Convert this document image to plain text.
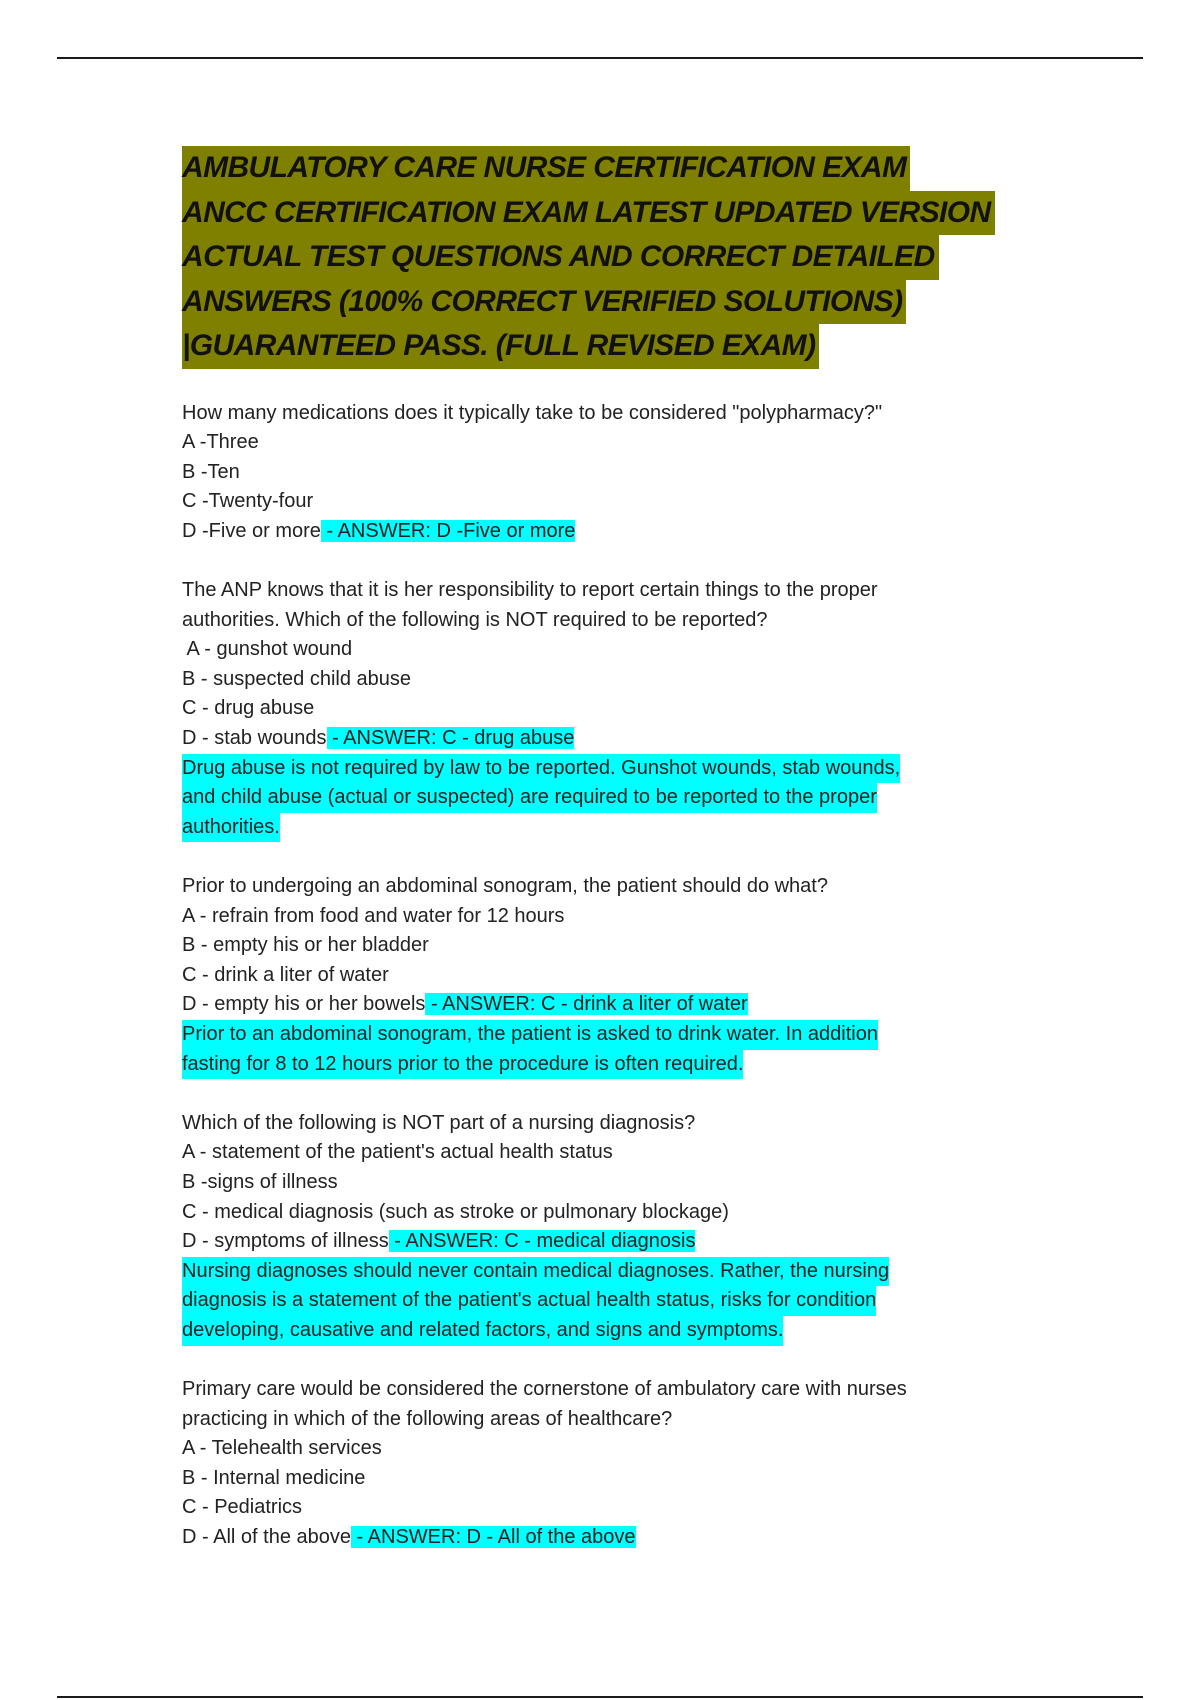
AMBULATORY CARE NURSE CERTIFICATION EXAM
ANCC CERTIFICATION EXAM LATEST UPDATED VERSION
ACTUAL TEST QUESTIONS AND CORRECT DETAILED
ANSWERS (100% CORRECT VERIFIED SOLUTIONS)
|GUARANTEED PASS. (FULL REVISED EXAM)
How many medications does it typically take to be considered "polypharmacy?"
A -Three
B -Ten
C -Twenty-four
D -Five or more - ANSWER: D -Five or more
The ANP knows that it is her responsibility to report certain things to the proper
authorities. Which of the following is NOT required to be reported?
A - gunshot wound
B - suspected child abuse
C - drug abuse
D - stab wounds - ANSWER: C - drug abuse
Drug abuse is not required by law to be reported. Gunshot wounds, stab wounds,
and child abuse (actual or suspected) are required to be reported to the proper
authorities.
Prior to undergoing an abdominal sonogram, the patient should do what?
A - refrain from food and water for 12 hours
B - empty his or her bladder
C - drink a liter of water
D - empty his or her bowels - ANSWER: C - drink a liter of water
Prior to an abdominal sonogram, the patient is asked to drink water. In addition
fasting for 8 to 12 hours prior to the procedure is often required.
Which of the following is NOT part of a nursing diagnosis?
A - statement of the patient's actual health status
B -signs of illness
C - medical diagnosis (such as stroke or pulmonary blockage)
D - symptoms of illness - ANSWER: C - medical diagnosis
Nursing diagnoses should never contain medical diagnoses. Rather, the nursing
diagnosis is a statement of the patient's actual health status, risks for condition
developing, causative and related factors, and signs and symptoms.
Primary care would be considered the cornerstone of ambulatory care with nurses
practicing in which of the following areas of healthcare?
A - Telehealth services
B - Internal medicine
C - Pediatrics
D - All of the above - ANSWER: D - All of the above
